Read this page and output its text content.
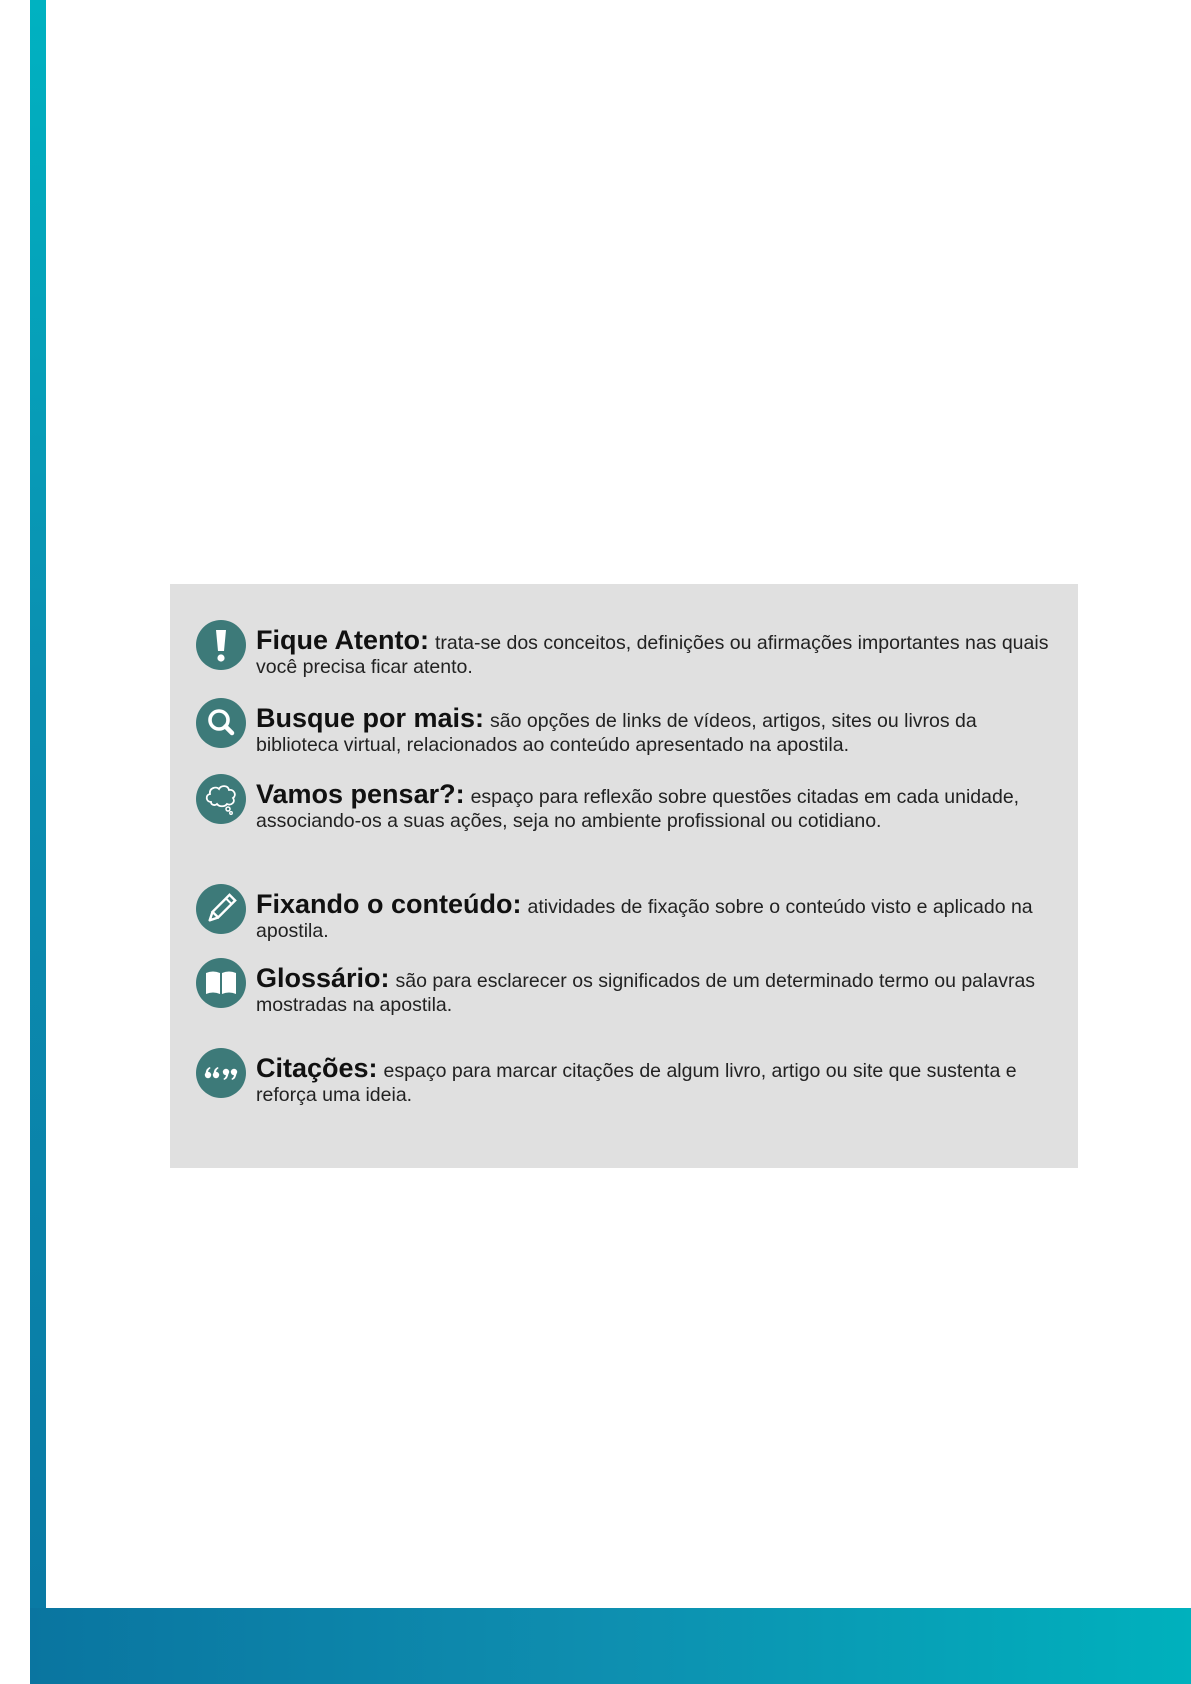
Fique Atento: trata-se dos conceitos, definições ou afirmações importantes nas quais você precisa ficar atento.
Busque por mais: são opções de links de vídeos, artigos, sites ou livros da biblioteca virtual, relacionados ao conteúdo apresentado na apostila.
Vamos pensar?: espaço para reflexão sobre questões citadas em cada unidade, associando-os a suas ações, seja no ambiente profissional ou cotidiano.
Fixando o conteúdo: atividades de fixação sobre o conteúdo visto e aplicado na apostila.
Glossário: são para esclarecer os significados de um determinado termo ou palavras mostradas na apostila.
Citações: espaço para marcar citações de algum livro, artigo ou site que sustenta e reforça uma ideia.
